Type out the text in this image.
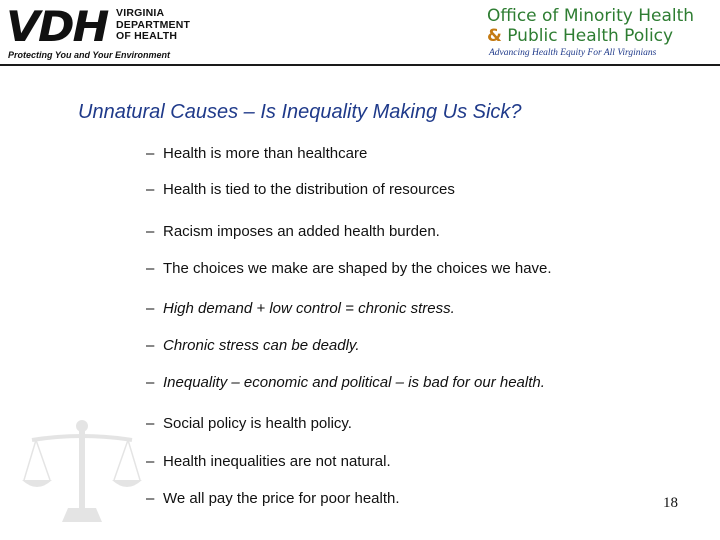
VDH VIRGINIA
DEPARTMENT
OF HEALTH
Protecting You and Your Environment
Office of Minority Health
& Public Health Policy
Advancing Health Equity For All Virginians
Unnatural Causes – Is Inequality Making Us Sick?
– Health is more than healthcare
– Health is tied to the distribution of resources
– Racism imposes an added health burden.
– The choices we make are shaped by the choices we have.
– High demand + low control = chronic stress.
– Chronic stress can be deadly.
– Inequality – economic and political – is bad for our health.
– Social policy is health policy.
– Health inequalities are not natural.
– We all pay the price for poor health.	18
